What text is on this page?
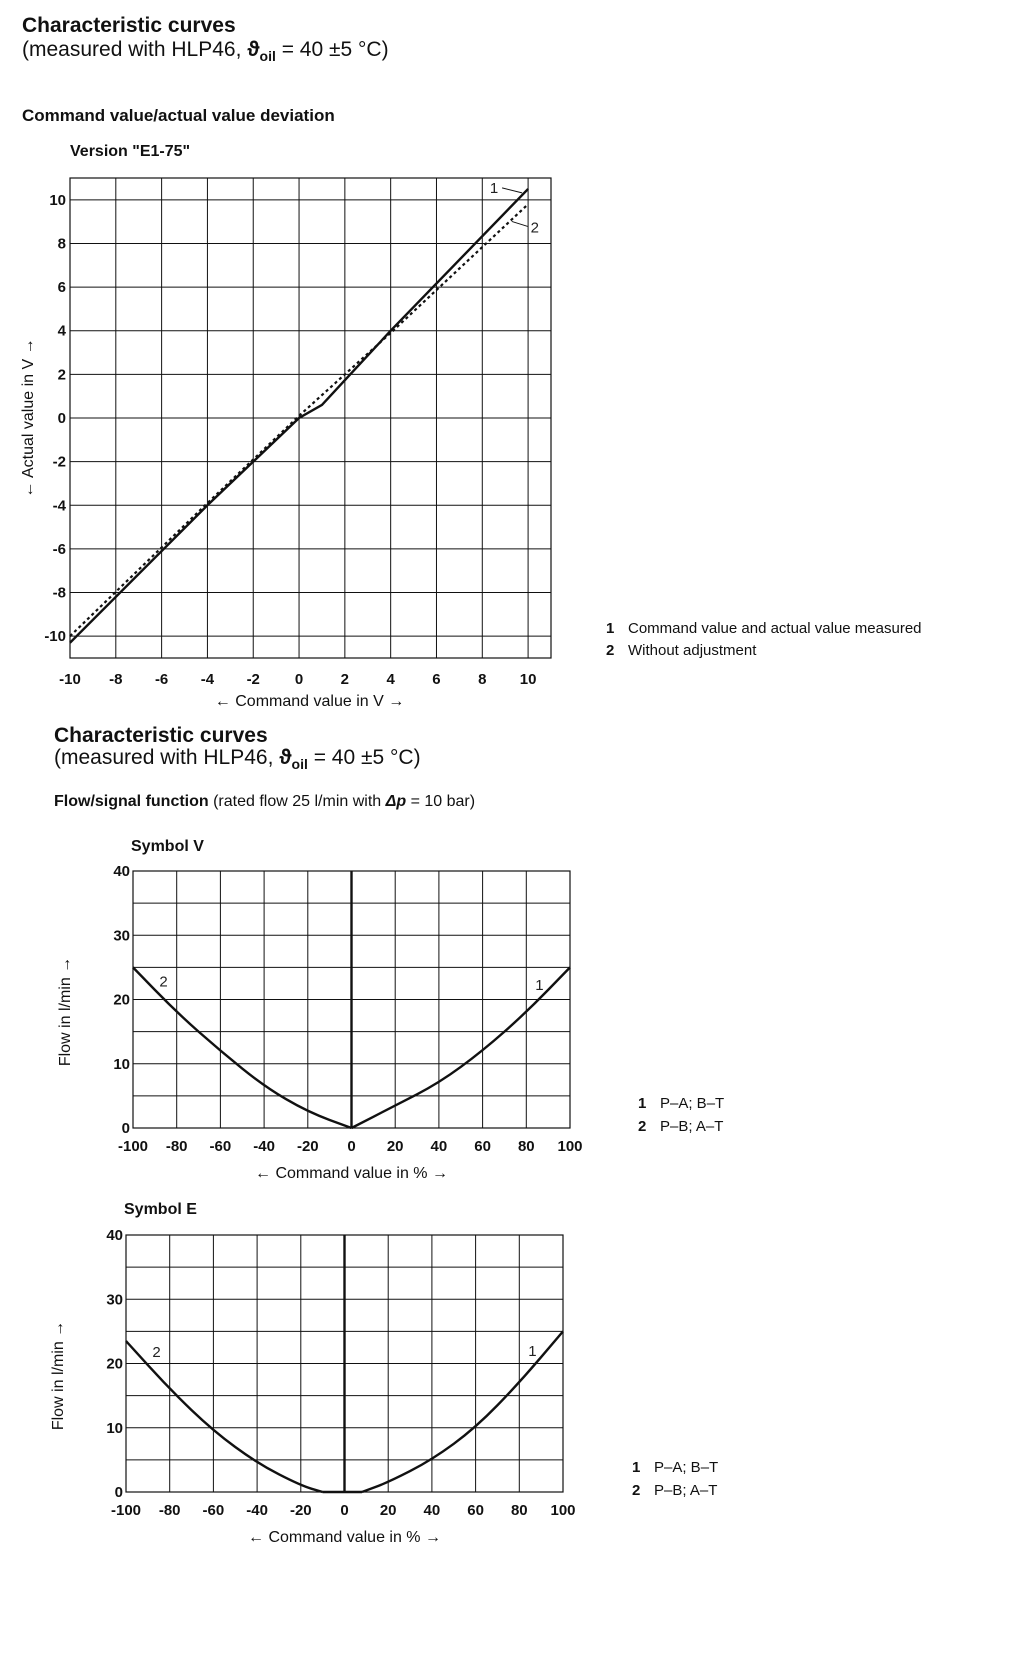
Characteristic curves
(measured with HLP46, $ϑ_{oil} = 40 \pm 5$ °C)
Command value/actual value deviation
Version "E1-75"
-10 -8 -6 -4 -2 0 2 4 6 8 10
-10
-8
-6
-4
-2
0
2
4
6
8
10
← Actual value in V →
← Command value in V →
1
2
1 Command value and actual value measured
2 Without adjustment
Characteristic curves
(measured with HLP46, $ϑ_{oil} = 40 \pm 5$ °C)
Flow/signal function (rated flow 25 l/min with Δp = 10 bar)
Symbol V
-100 -80 -60 -40 -20 0 20 40 60 80 100
0
10
20
30
40
Flow in l/min →
← Command value in % →
1
2
1 P–A; B–T
2 P–B; A–T
Symbol E
-100 -80 -60 -40 -20 0 20 40 60 80 100
0
10
20
30
40
Flow in l/min →
← Command value in % →
1
2
1 P–A; B–T
2 P–B; A–T
